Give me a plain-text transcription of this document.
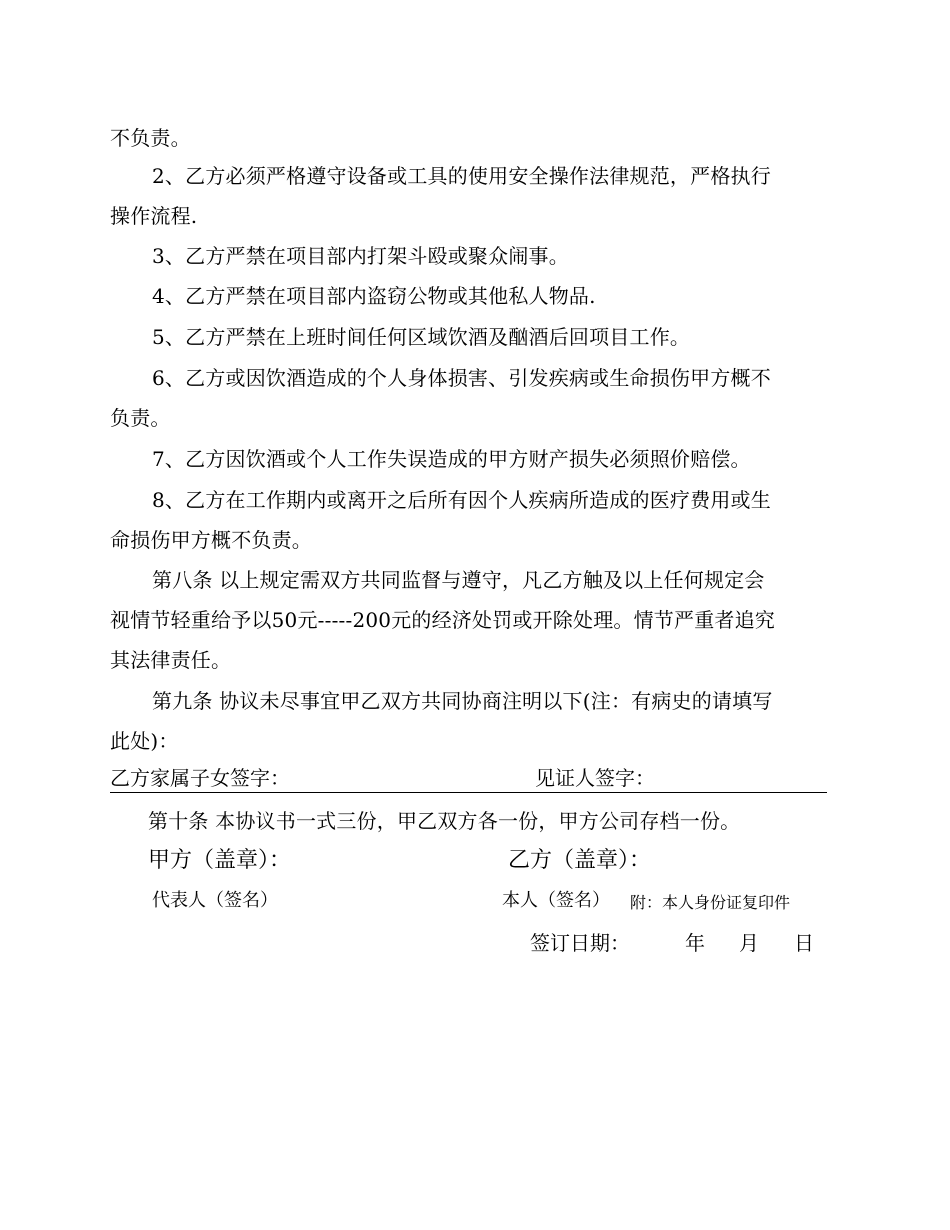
不负责。
2、乙方必须严格遵守设备或工具的使用安全操作法律规范，严格执行
操作流程.
3、乙方严禁在项目部内打架斗殴或聚众闹事。
4、乙方严禁在项目部内盗窃公物或其他私人物品.
5、乙方严禁在上班时间任何区域饮酒及酗酒后回项目工作。
6、乙方或因饮酒造成的个人身体损害、引发疾病或生命损伤甲方概不
负责。
7、乙方因饮酒或个人工作失误造成的甲方财产损失必须照价赔偿。
8、乙方在工作期内或离开之后所有因个人疾病所造成的医疗费用或生
命损伤甲方概不负责。
第八条 以上规定需双方共同监督与遵守，凡乙方触及以上任何规定会
视情节轻重给予以50元-----200元的经济处罚或开除处理。情节严重者追究
其法律责任。
第九条 协议未尽事宜甲乙双方共同协商注明以下(注：有病史的请填写
此处)：
乙方家属子女签字：	见证人签字：
第十条 本协议书一式三份，甲乙双方各一份，甲方公司存档一份。
甲方（盖章）：	乙方（盖章）：
代表人（签名）	本人（签名） 附：本人身份证复印件
签订日期：	年 月 日
